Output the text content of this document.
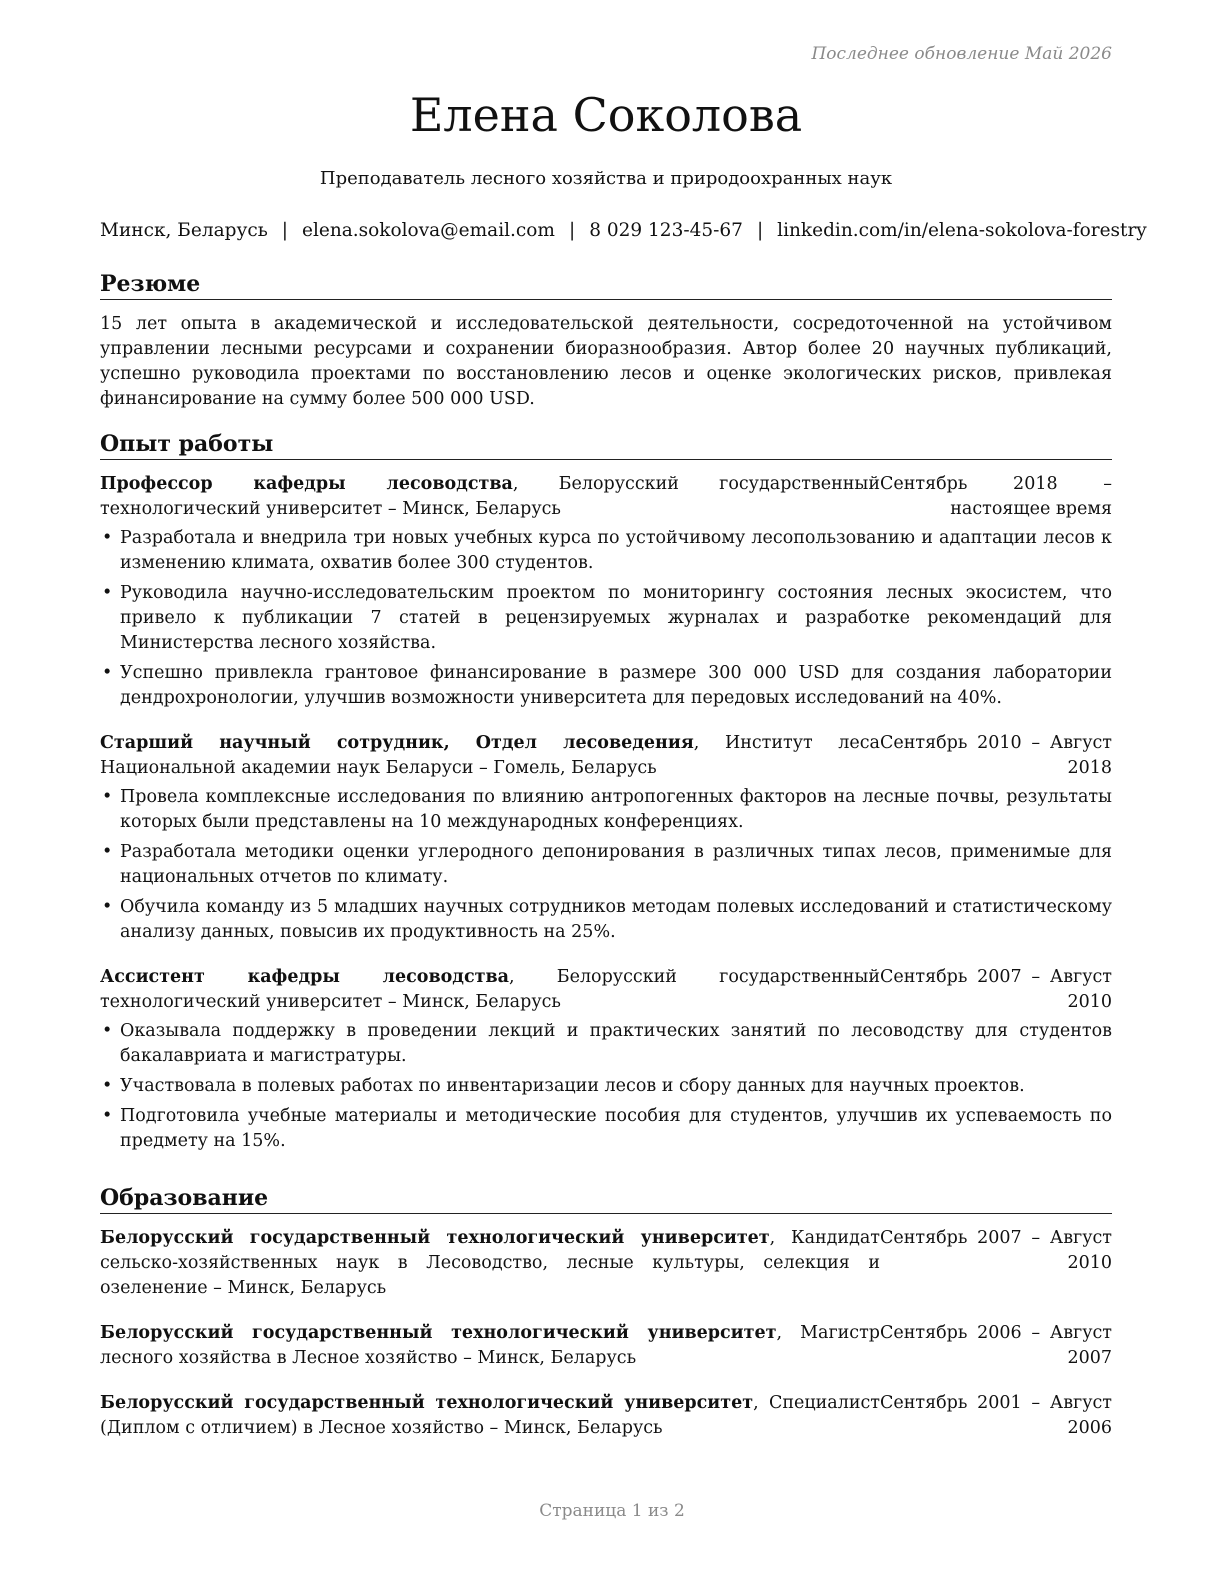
Последнее обновление Май 2026
Елена Соколова
Преподаватель лесного хозяйства и природоохранных наук
Минск, Беларусь | elena.sokolova@email.com | 8 029 123-45-67 | linkedin.com/in/elena-sokolova-forestry
Резюме

15 лет опыта в академической и исследовательской деятельности, сосредоточенной на устойчивом управлении лесными ресурсами и сохранении биоразнообразия. Автор более 20 научных публикаций, успешно руководила проектами по восстановлению лесов и оценке экологических рисков, привлекая финансирование на сумму более 500 000 USD.

Опыт работы
Профессор кафедры лесоводства, Белорусский государственный технологический университет – Минск, Беларусь
Сентябрь 2018 – настоящее время
• Разработала и внедрила три новых учебных курса по устойчивому лесопользованию и адаптации лесов к изменению климата, охватив более 300 студентов.
• Руководила научно-исследовательским проектом по мониторингу состояния лесных экосистем, что привело к публикации 7 статей в рецензируемых журналах и разработке рекомендаций для Министерства лесного хозяйства.
• Успешно привлекла грантовое финансирование в размере 300 000 USD для создания лаборатории дендрохронологии, улучшив возможности университета для передовых исследований на 40%.
Старший научный сотрудник, Отдел лесоведения, Институт леса Национальной академии наук Беларуси – Гомель, Беларусь
Сентябрь 2010 – Август 2018
• Провела комплексные исследования по влиянию антропогенных факторов на лесные почвы, результаты которых были представлены на 10 международных конференциях.
• Разработала методики оценки углеродного депонирования в различных типах лесов, применимые для национальных отчетов по климату.
• Обучила команду из 5 младших научных сотрудников методам полевых исследований и статистическому анализу данных, повысив их продуктивность на 25%.
Ассистент кафедры лесоводства, Белорусский государственный технологический университет – Минск, Беларусь
Сентябрь 2007 – Август 2010
• Оказывала поддержку в проведении лекций и практических занятий по лесоводству для студентов бакалавриата и магистратуры.
• Участвовала в полевых работах по инвентаризации лесов и сбору данных для научных проектов.
• Подготовила учебные материалы и методические пособия для студентов, улучшив их успеваемость по предмету на 15%.
Образование
Белорусский государственный технологический университет, Кандидат сельско-хозяйственных наук в Лесоводство, лесные культуры, селекция и озеленение – Минск, Беларусь
Сентябрь 2007 – Август 2010
Белорусский государственный технологический университет, Магистр лесного хозяйства в Лесное хозяйство – Минск, Беларусь
Сентябрь 2006 – Август 2007
Белорусский государственный технологический университет, Специалист (Диплом с отличием) в Лесное хозяйство – Минск, Беларусь
Сентябрь 2001 – Август 2006
Страница 1 из 2
